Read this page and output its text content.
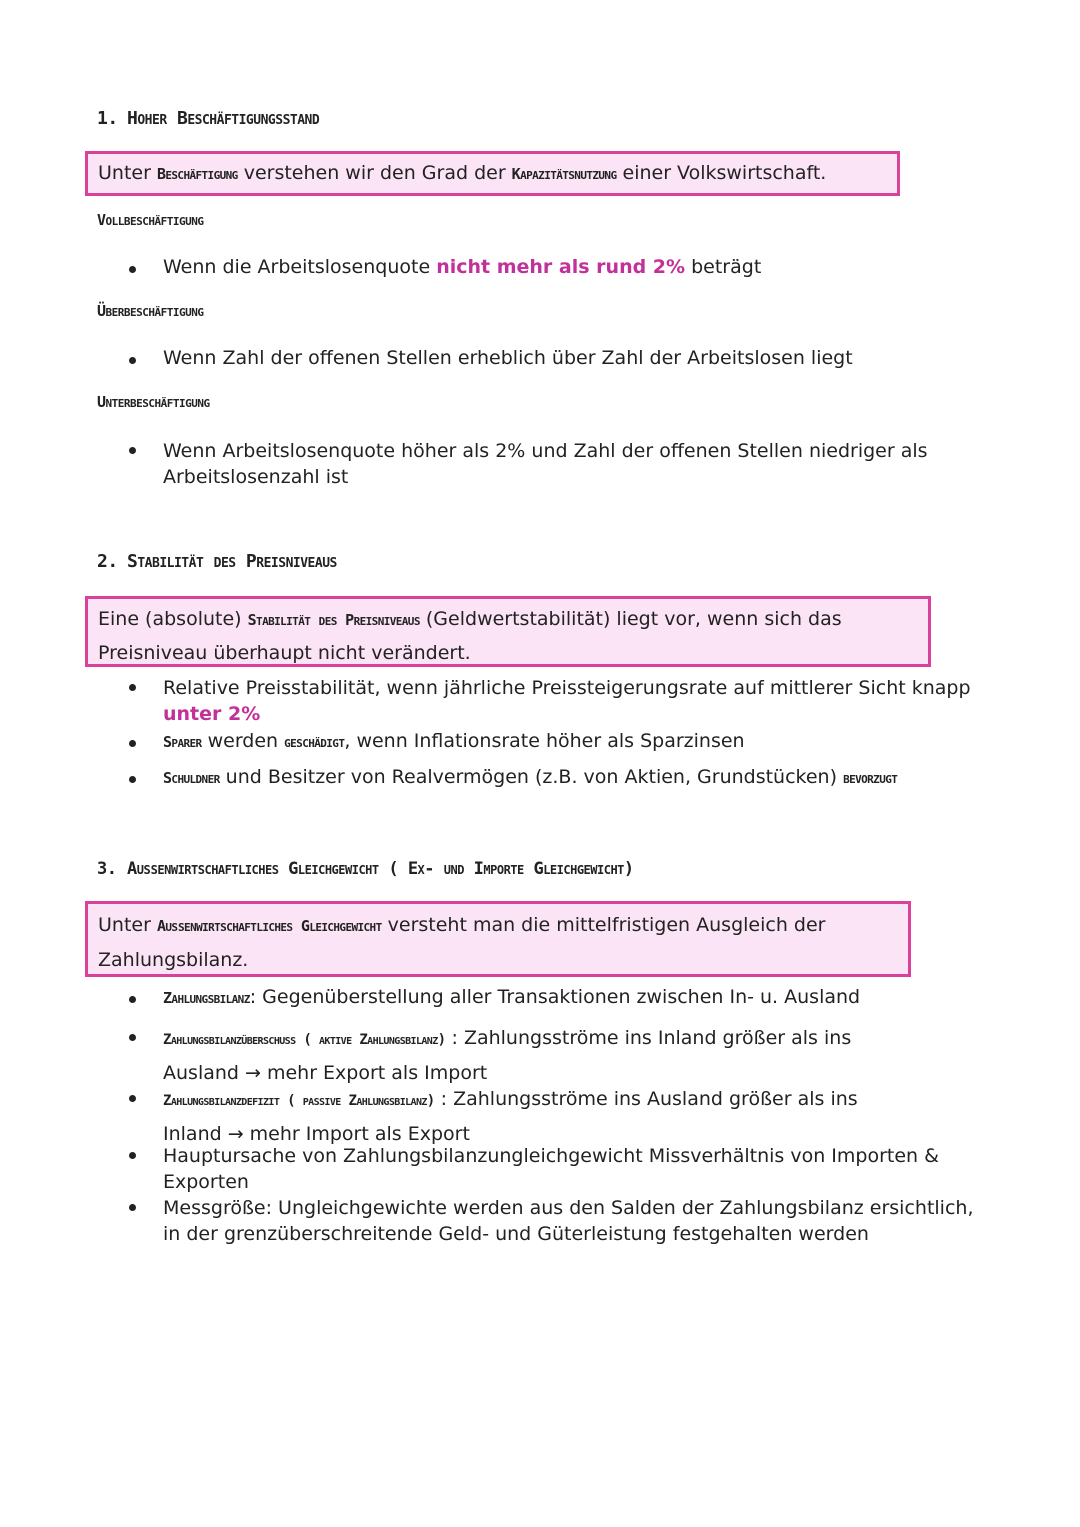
1. Hoher Beschäftigungsstand
Unter Beschäftigung verstehen wir den Grad der Kapazitätsnutzung einer Volkswirtschaft.
Vollbeschäftigung
Wenn die Arbeitslosenquote nicht mehr als rund 2% beträgt
Überbeschäftigung
Wenn Zahl der offenen Stellen erheblich über Zahl der Arbeitslosen liegt
Unterbeschäftigung
Wenn Arbeitslosenquote höher als 2% und Zahl der offenen Stellen niedriger als
Arbeitslosenzahl ist
2. Stabilität des Preisniveaus
Eine (absolute) Stabilität des Preisniveaus (Geldwertstabilität) liegt vor, wenn sich das
Preisniveau überhaupt nicht verändert.
Relative Preisstabilität, wenn jährliche Preissteigerungsrate auf mittlerer Sicht knapp
unter 2%
Sparer werden geschädigt, wenn Inflationsrate höher als Sparzinsen
Schuldner und Besitzer von Realvermögen (z.B. von Aktien, Grundstücken) bevorzugt
3. Außenwirtschaftliches Gleichgewicht ( Ex- und Importe Gleichgewicht)
Unter Außenwirtschaftliches Gleichgewicht versteht man die mittelfristigen Ausgleich der
Zahlungsbilanz.
Zahlungsbilanz: Gegenüberstellung aller Transaktionen zwischen In- u. Ausland
Zahlungsbilanzüberschuss ( aktive Zahlungsbilanz) : Zahlungsströme ins Inland größer als ins
Ausland → mehr Export als Import
Zahlungsbilanzdefizit ( passive Zahlungsbilanz) : Zahlungsströme ins Ausland größer als ins
Inland → mehr Import als Export
Hauptursache von Zahlungsbilanzungleichgewicht Missverhältnis von Importen &
Exporten
Messgröße: Ungleichgewichte werden aus den Salden der Zahlungsbilanz ersichtlich,
in der grenzüberschreitende Geld- und Güterleistung festgehalten werden
